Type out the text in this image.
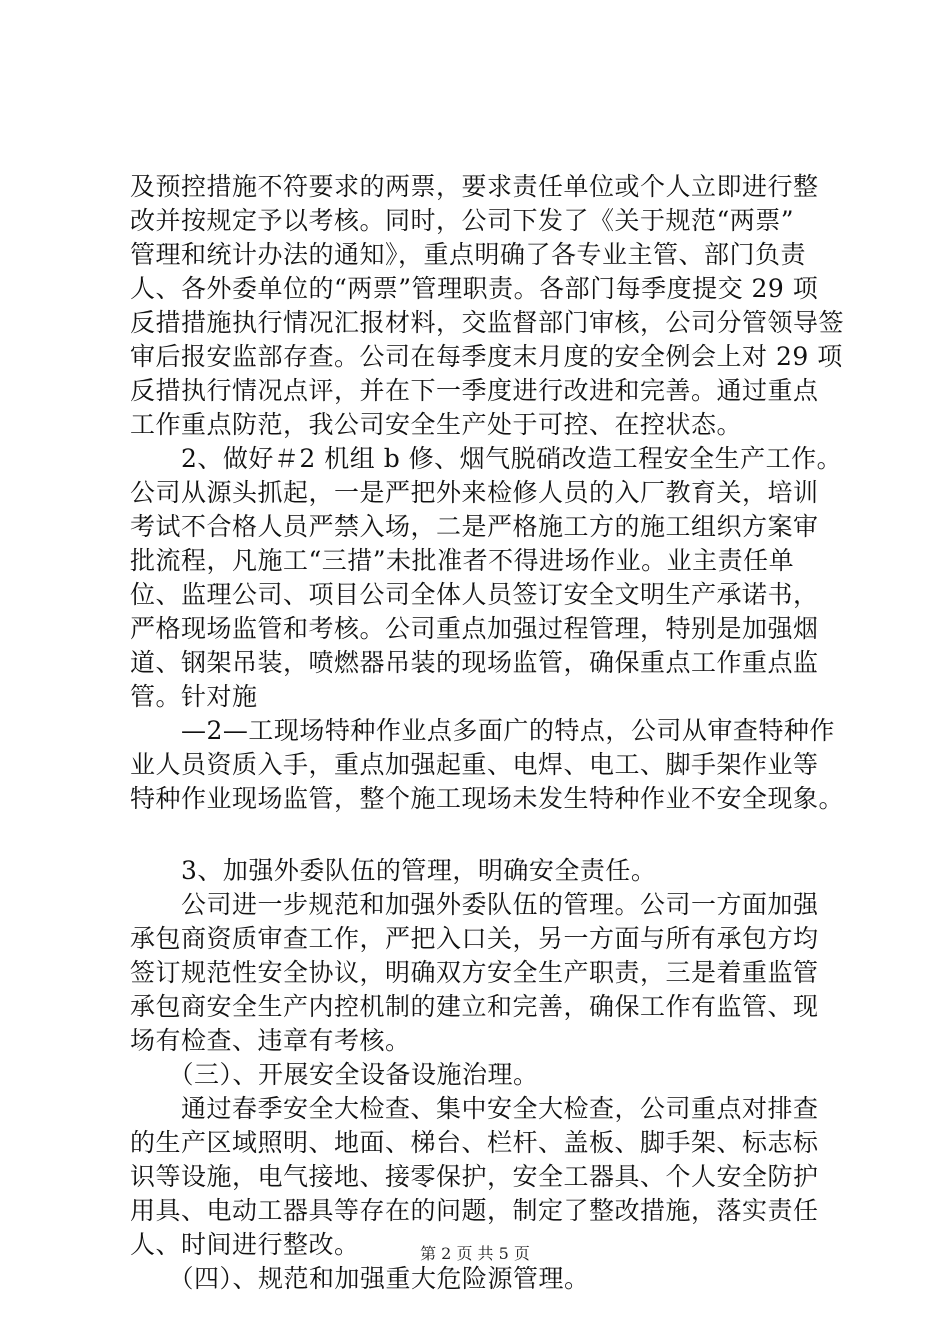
及预控措施不符要求的两票，要求责任单位或个人立即进行整
改并按规定予以考核。同时，公司下发了《关于规范“两票”
管理和统计办法的通知》，重点明确了各专业主管、部门负责
人、各外委单位的“两票”管理职责。各部门每季度提交 29 项
反措措施执行情况汇报材料，交监督部门审核，公司分管领导签
审后报安监部存查。公司在每季度末月度的安全例会上对 29 项
反措执行情况点评，并在下一季度进行改进和完善。通过重点
工作重点防范，我公司安全生产处于可控、在控状态。
　　2、做好＃2 机组 b 修、烟气脱硝改造工程安全生产工作。
公司从源头抓起，一是严把外来检修人员的入厂教育关，培训
考试不合格人员严禁入场，二是严格施工方的施工组织方案审
批流程，凡施工“三措”未批准者不得进场作业。业主责任单
位、监理公司、项目公司全体人员签订安全文明生产承诺书，
严格现场监管和考核。公司重点加强过程管理，特别是加强烟
道、钢架吊装，喷燃器吊装的现场监管，确保重点工作重点监
管。针对施
　　—2—工现场特种作业点多面广的特点，公司从审查特种作
业人员资质入手，重点加强起重、电焊、电工、脚手架作业等
特种作业现场监管，整个施工现场未发生特种作业不安全现象。
　　3、加强外委队伍的管理，明确安全责任。
　　公司进一步规范和加强外委队伍的管理。公司一方面加强
承包商资质审查工作，严把入口关，另一方面与所有承包方均
签订规范性安全协议，明确双方安全生产职责，三是着重监管
承包商安全生产内控机制的建立和完善，确保工作有监管、现
场有检查、违章有考核。
　　（三）、开展安全设备设施治理。
　　通过春季安全大检查、集中安全大检查，公司重点对排查
的生产区域照明、地面、梯台、栏杆、盖板、脚手架、标志标
识等设施，电气接地、接零保护，安全工器具、个人安全防护
用具、电动工器具等存在的问题，制定了整改措施，落实责任
人、时间进行整改。
　　（四）、规范和加强重大危险源管理。
第 2 页 共 5 页
